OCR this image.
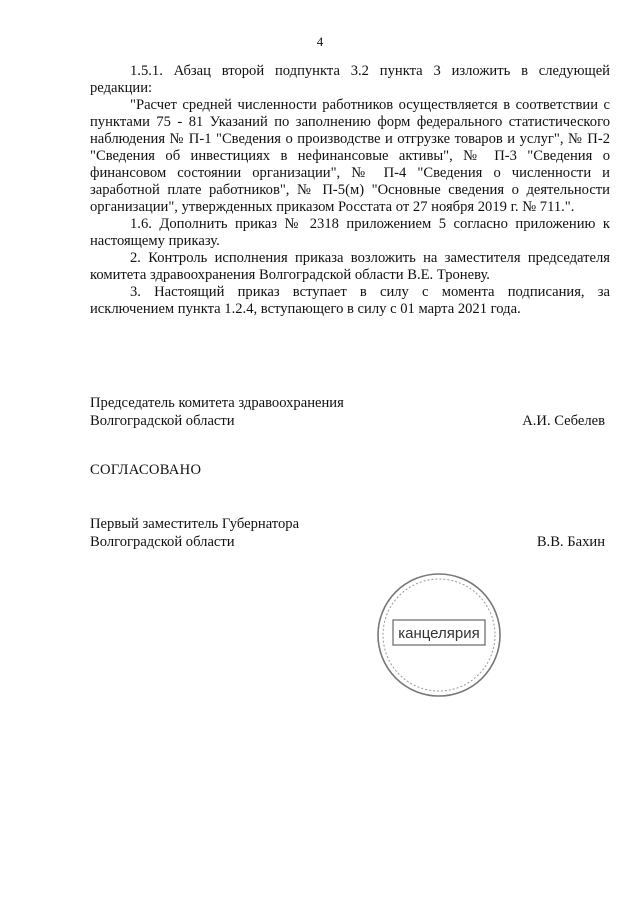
4

1.5.1. Абзац второй подпункта 3.2 пункта 3 изложить в следующей редакции:

"Расчет средней численности работников осуществляется в соответствии с пунктами 75 - 81 Указаний по заполнению форм федерального статистического наблюдения № П-1 "Сведения о производстве и отгрузке товаров и услуг", № П-2 "Сведения об инвестициях в нефинансовые активы", № П-3 "Сведения о финансовом состоянии организации", № П-4 "Сведения о численности и заработной плате работников", № П-5(м) "Основные сведения о деятельности организации", утвержденных приказом Росстата от 27 ноября 2019 г. № 711.".

1.6. Дополнить приказ № 2318 приложением 5 согласно приложению к настоящему приказу.

2. Контроль исполнения приказа возложить на заместителя председателя комитета здравоохранения Волгоградской области В.Е. Троневу.

3. Настоящий приказ вступает в силу с момента подписания, за исключением пункта 1.2.4, вступающего в силу с 01 марта 2021 года.

Председатель комитета здравоохранения
Волгоградской области	А.И. Себелев
СОГЛАСОВАНО
Первый заместитель Губернатора
Волгоградской области	В.В. Бахин
канцелярия
